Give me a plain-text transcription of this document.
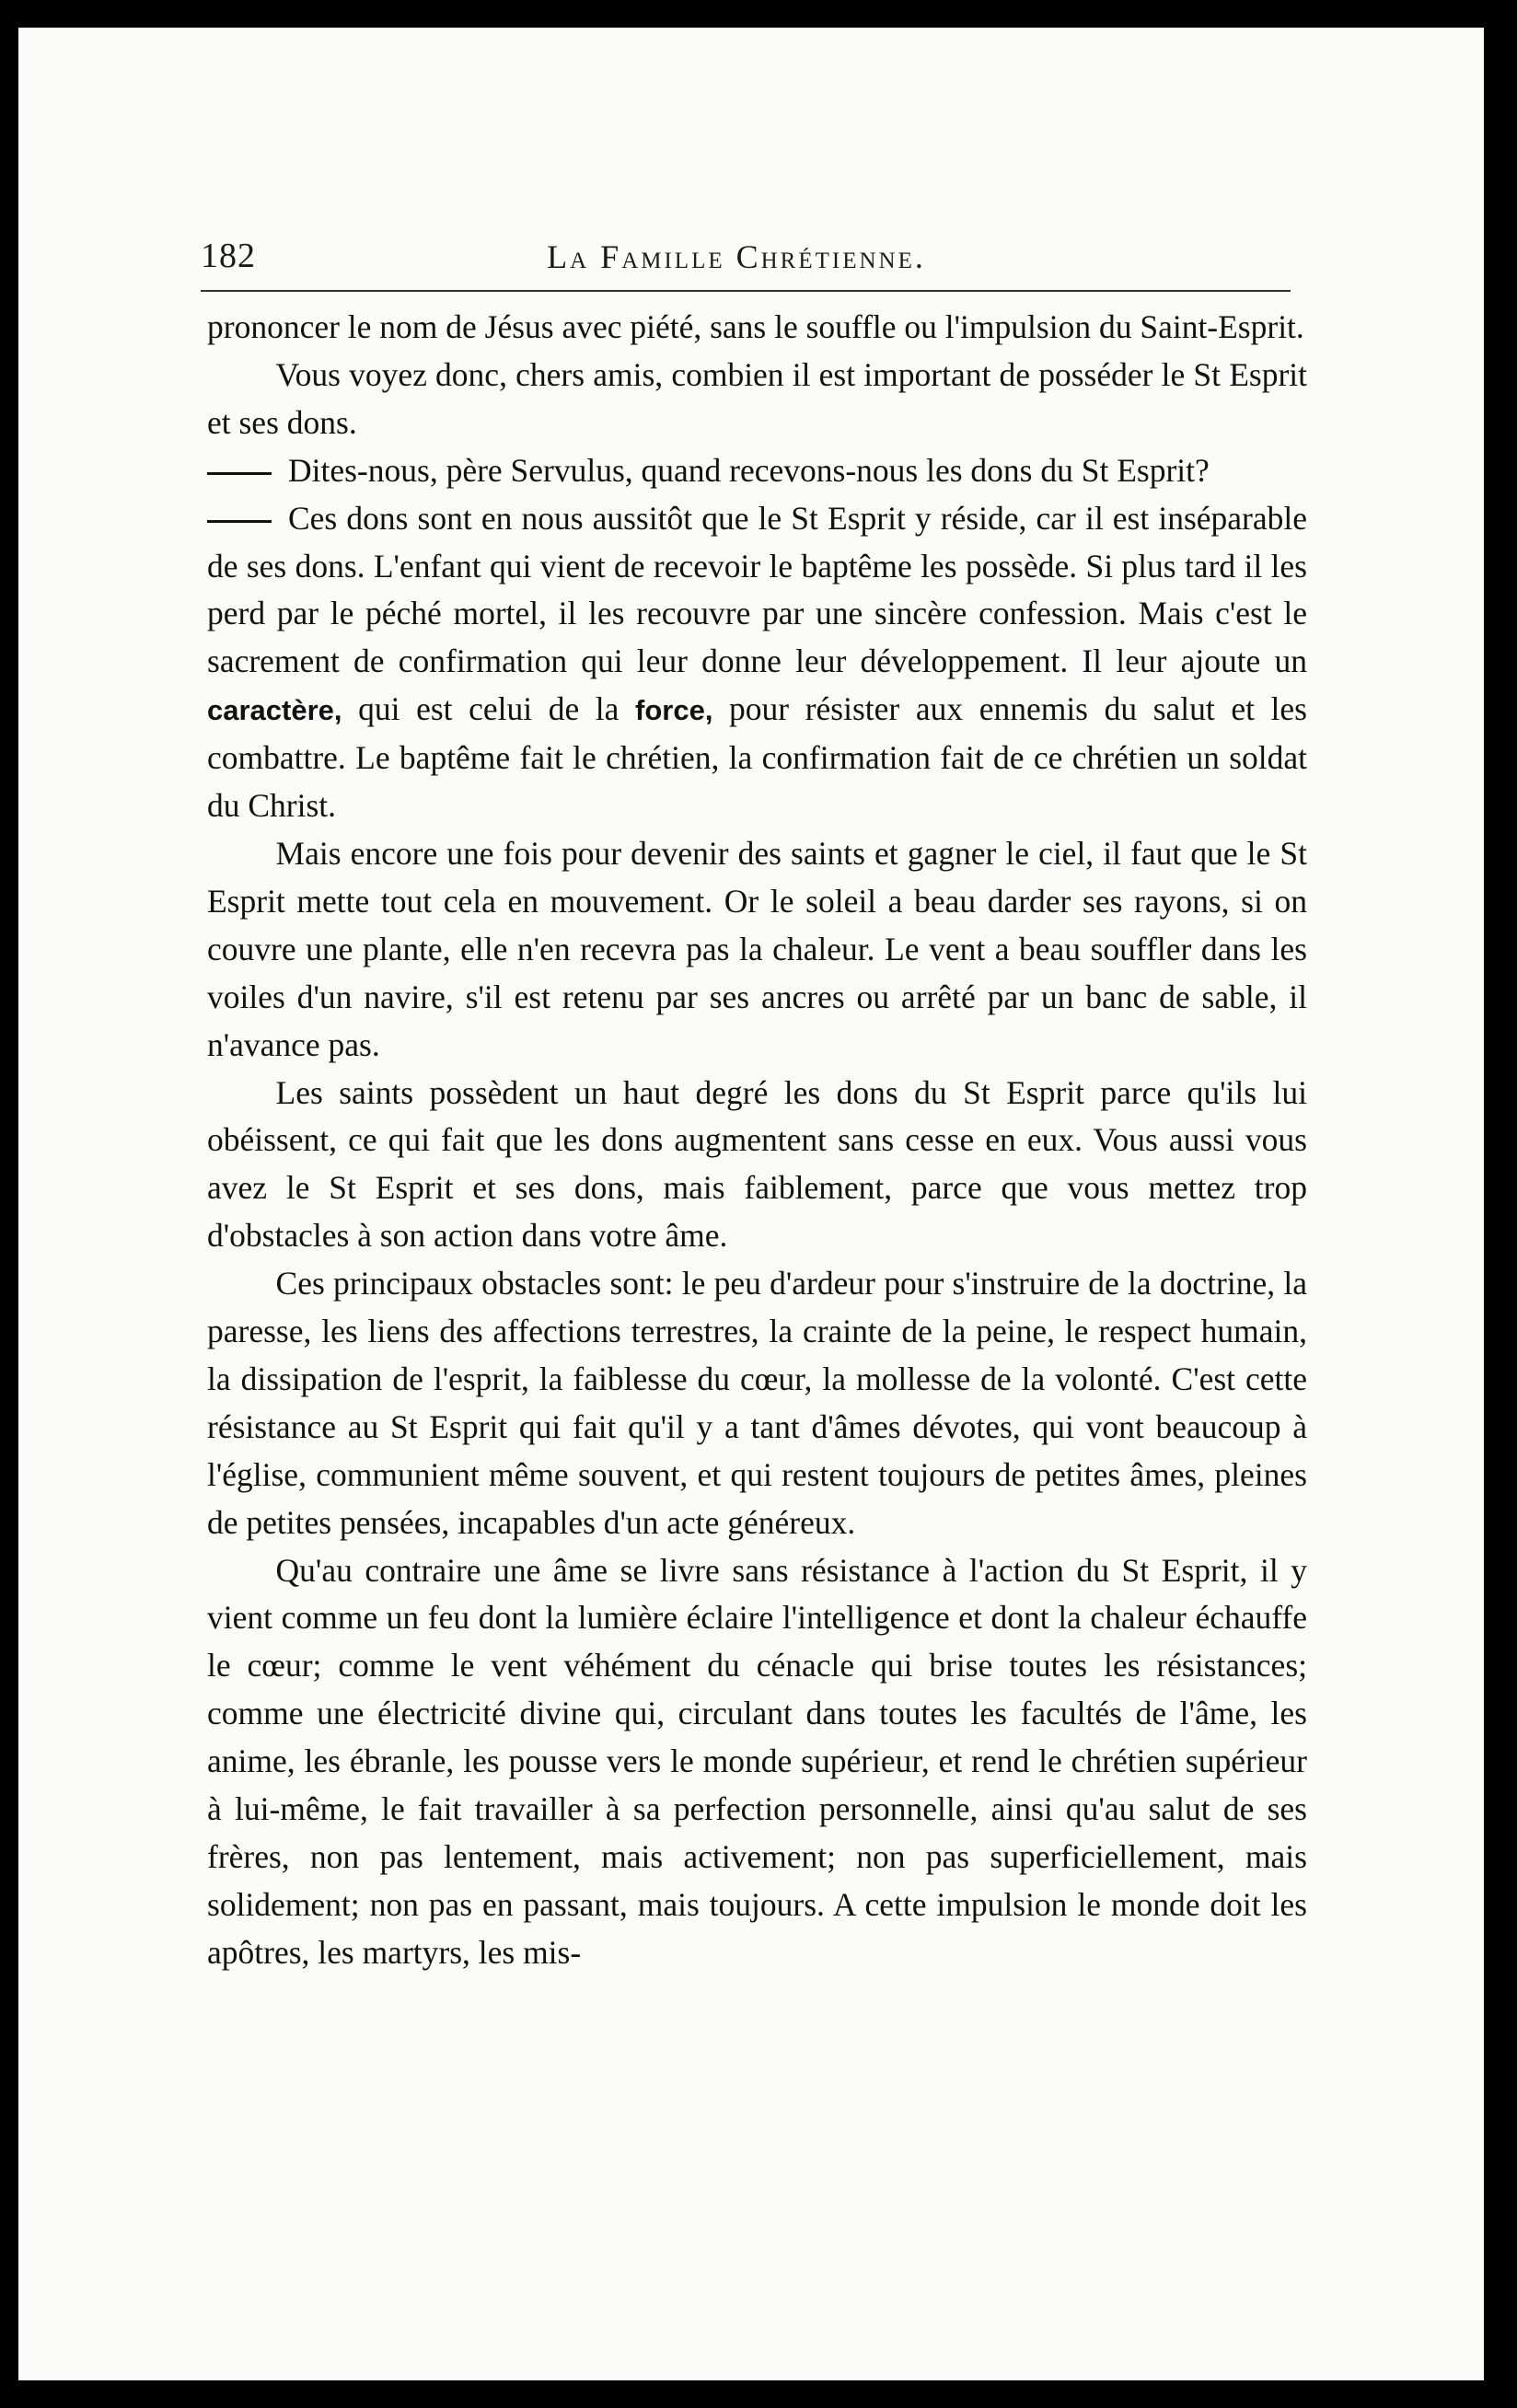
182	La Famille Chrétienne.

prononcer le nom de Jésus avec piété, sans le souffle ou l'impulsion du Saint-Esprit.

Vous voyez donc, chers amis, combien il est important de posséder le St Esprit et ses dons.

Dites-nous, père Servulus, quand recevons-nous les dons du St Esprit?

Ces dons sont en nous aussitôt que le St Esprit y réside, car il est inséparable de ses dons. L'enfant qui vient de recevoir le baptême les possède. Si plus tard il les perd par le péché mortel, il les recouvre par une sincère confession. Mais c'est le sacrement de confirmation qui leur donne leur développement. Il leur ajoute un caractère, qui est celui de la force, pour résister aux ennemis du salut et les combattre. Le baptême fait le chrétien, la confirmation fait de ce chrétien un soldat du Christ.

Mais encore une fois pour devenir des saints et gagner le ciel, il faut que le St Esprit mette tout cela en mouvement. Or le soleil a beau darder ses rayons, si on couvre une plante, elle n'en recevra pas la chaleur. Le vent a beau souffler dans les voiles d'un navire, s'il est retenu par ses ancres ou arrêté par un banc de sable, il n'avance pas.

Les saints possèdent un haut degré les dons du St Esprit parce qu'ils lui obéissent, ce qui fait que les dons augmentent sans cesse en eux. Vous aussi vous avez le St Esprit et ses dons, mais faiblement, parce que vous mettez trop d'obstacles à son action dans votre âme.

Ces principaux obstacles sont: le peu d'ardeur pour s'instruire de la doctrine, la paresse, les liens des affections terrestres, la crainte de la peine, le respect humain, la dissipation de l'esprit, la faiblesse du cœur, la mollesse de la volonté. C'est cette résistance au St Esprit qui fait qu'il y a tant d'âmes dévotes, qui vont beaucoup à l'église, communient même souvent, et qui restent toujours de petites âmes, pleines de petites pensées, incapables d'un acte généreux.

Qu'au contraire une âme se livre sans résistance à l'action du St Esprit, il y vient comme un feu dont la lumière éclaire l'intelligence et dont la chaleur échauffe le cœur; comme le vent véhément du cénacle qui brise toutes les résistances; comme une électricité divine qui, circulant dans toutes les facultés de l'âme, les anime, les ébranle, les pousse vers le monde supérieur, et rend le chrétien supérieur à lui-même, le fait travailler à sa perfection personnelle, ainsi qu'au salut de ses frères, non pas lentement, mais activement; non pas superficiellement, mais solidement; non pas en passant, mais toujours. A cette impulsion le monde doit les apôtres, les martyrs, les mis-
